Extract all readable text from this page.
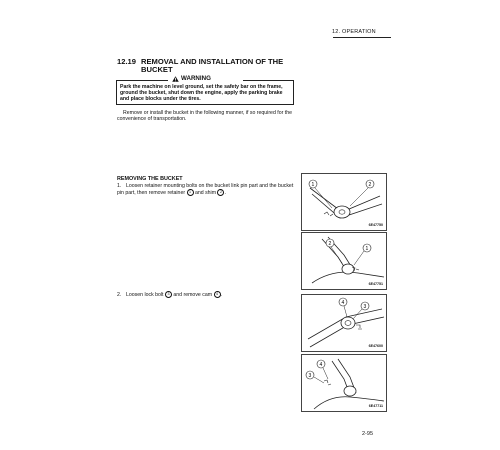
12. OPERATION
12.19 REMOVAL AND INSTALLATION OF THE
BUCKET
WARNING
Park the machine on level ground, set the safety bar on the frame, ground the bucket, shut down the engine, apply the parking brake and place blocks under the tires.
Remove or install the bucket in the following manner, if so required for the convenience of transportation.
REMOVING THE BUCKET
1. Loosen retainer mounting bolts on the bucket link pin part and the bucket pin part, then remove retainer 1 and shim 2 .
2. Loosen lock bolt 3 and remove cam 4 .
1	2
6E47750
2
1
6E47751
4
3
6E47600
4
3
6E47711
2-95
